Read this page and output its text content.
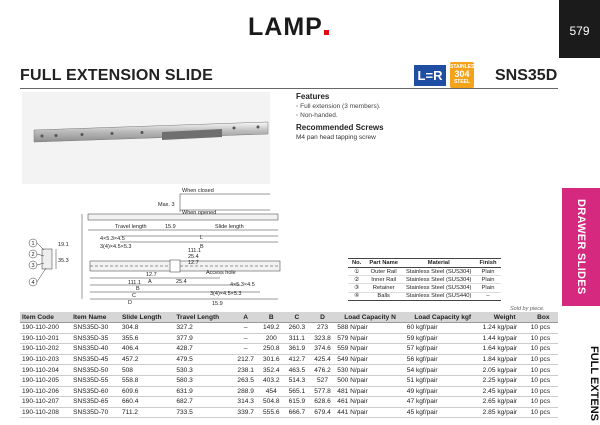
LAMP	579
FULL EXTENSION SLIDE	L=R
STAINLESS
304
STEEL SNS35D
DRAWER SLIDES
FULL EXTENS
Features
◦ Full extension (3 members).
◦ Non-handed.
Recommended Screws
M4 pan head tapping screw
When closed
When opened
Max. 3
Travel length	Slide length
15.9
L
B
4×5.3×4.5
3(4)×4.5×5.3
111.1
25.4
12.7
Access hole
12.7
25.4
111.1	4×5.3×4.5
3(4)×4.5×5.3
A
B
C
D	15.9
19.1
35.3
1
2
3
4
No.	Part Name	Material	Finish
①	Outer Rail	Stainless Steel (SUS304)	Plain
②	Inner Rail	Stainless Steel (SUS304)	Plain
③	Retainer	Stainless Steel (SUS304)	Plain
④	Balls	Stainless Steel (SUS440)	–
Sold by piece.
Item Code	Item Name	Slide Length	Travel Length	A	B	C	D	Load Capacity N	Load Capacity kgf	Weight	Box
190-110-200	SNS35D-30	304.8	327.2	–	149.2	260.3	273	588 N/pair	60 kgf/pair	1.24 kg/pair	10 pcs
190-110-201	SNS35D-35	355.6	377.9	–	200	311.1	323.8	579 N/pair	59 kgf/pair	1.44 kg/pair	10 pcs
190-110-202	SNS35D-40	406.4	428.7	–	250.8	361.9	374.6	559 N/pair	57 kgf/pair	1.64 kg/pair	10 pcs
190-110-203	SNS35D-45	457.2	479.5	212.7	301.6	412.7	425.4	549 N/pair	56 kgf/pair	1.84 kg/pair	10 pcs
190-110-204	SNS35D-50	508	530.3	238.1	352.4	463.5	476.2	530 N/pair	54 kgf/pair	2.05 kg/pair	10 pcs
190-110-205	SNS35D-55	558.8	580.3	263.5	403.2	514.3	527	500 N/pair	51 kgf/pair	2.25 kg/pair	10 pcs
190-110-206	SNS35D-60	609.6	631.9	288.9	454	565.1	577.8	481 N/pair	49 kgf/pair	2.45 kg/pair	10 pcs
190-110-207	SNS35D-65	660.4	682.7	314.3	504.8	615.9	628.6	461 N/pair	47 kgf/pair	2.65 kg/pair	10 pcs
190-110-208	SNS35D-70	711.2	733.5	339.7	555.6	666.7	679.4	441 N/pair	45 kgf/pair	2.85 kg/pair	10 pcs
